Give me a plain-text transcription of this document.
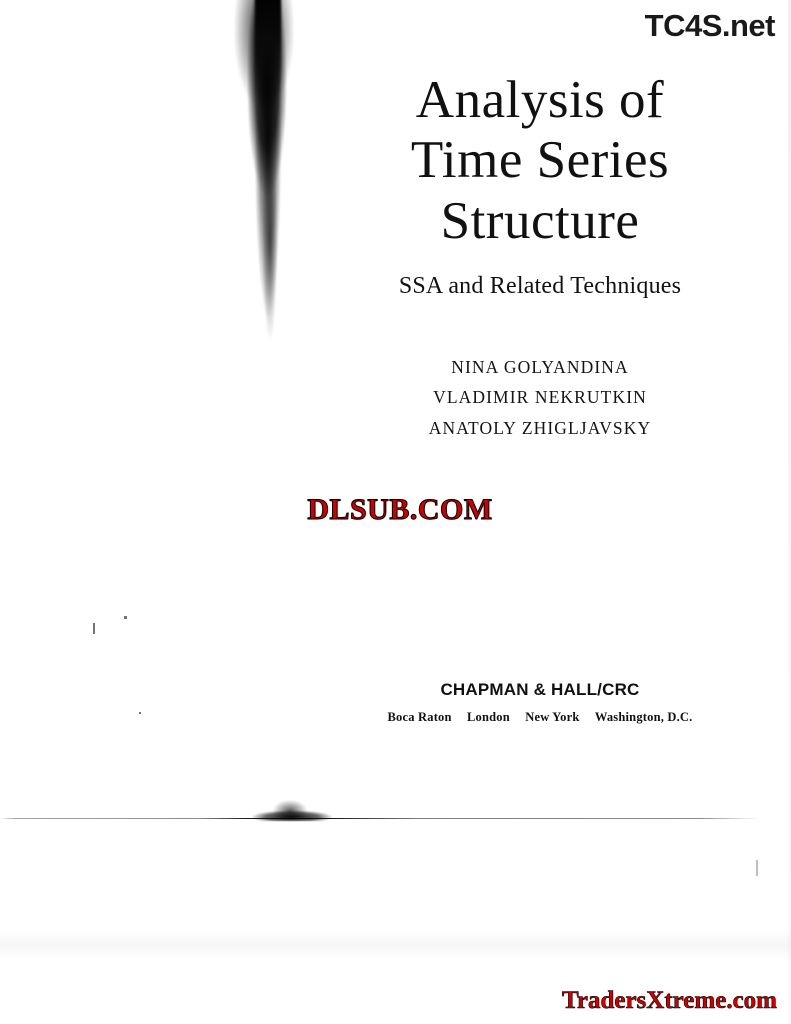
TC4S.net
Analysis of
Time Series
Structure
SSA and Related Techniques
NINA GOLYANDINA
VLADIMIR NEKRUTKIN
ANATOLY ZHIGLJAVSKY
DLSUB.COM
CHAPMAN & HALL/CRC
Boca Raton London New York Washington, D.C.
TradersXtreme.com
